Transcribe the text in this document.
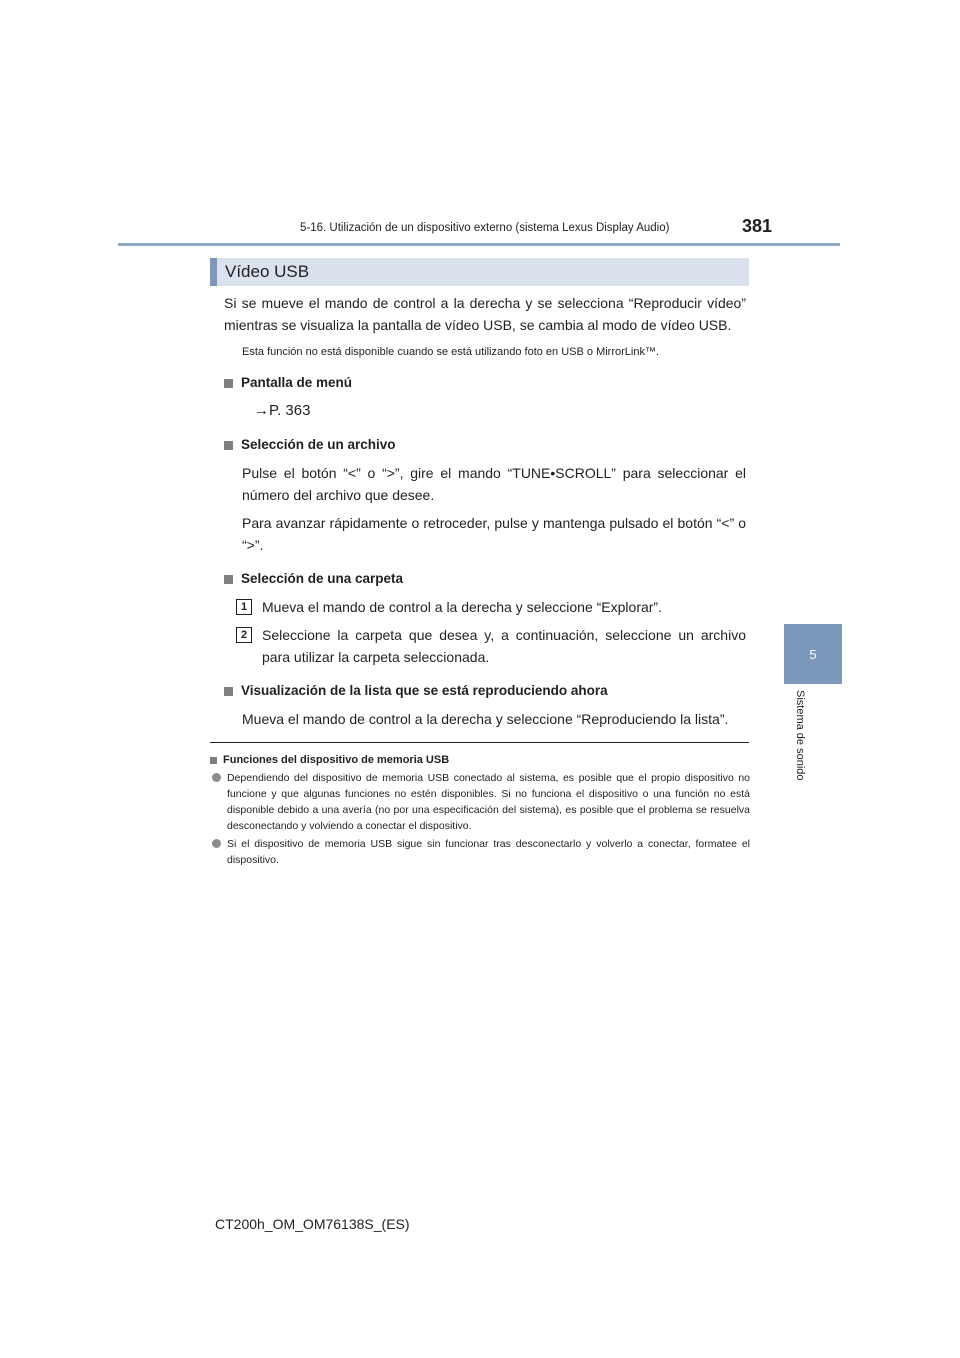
5-16. Utilización de un dispositivo externo (sistema Lexus Display Audio)	381
5
Sistema de sonido
Vídeo USB

Si se mueve el mando de control a la derecha y se selecciona “Reproducir vídeo” mientras se visualiza la pantalla de vídeo USB, se cambia al modo de vídeo USB.

Esta función no está disponible cuando se está utilizando foto en USB o MirrorLink™.

Pantalla de menú

→P. 363

Selección de un archivo

Pulse el botón “<” o “>”, gire el mando “TUNE•SCROLL” para seleccionar el número del archivo que desee.

Para avanzar rápidamente o retroceder, pulse y mantenga pulsado el botón “<” o “>”.

Selección de una carpeta
1	Mueva el mando de control a la derecha y seleccione “Explorar”.
2	Seleccione la carpeta que desea y, a continuación, seleccione un archivo para utilizar la carpeta seleccionada.
Visualización de la lista que se está reproduciendo ahora

Mueva el mando de control a la derecha y seleccione “Reproduciendo la lista”.

Funciones del dispositivo de memoria USB
Dependiendo del dispositivo de memoria USB conectado al sistema, es posible que el propio dispositivo no funcione y que algunas funciones no estén disponibles. Si no funciona el dispositivo o una función no está disponible debido a una avería (no por una especificación del sistema), es posible que el problema se resuelva desconectando y volviendo a conectar el dispositivo.
Si el dispositivo de memoria USB sigue sin funcionar tras desconectarlo y volverlo a conectar, formatee el dispositivo.
CT200h_OM_OM76138S_(ES)
